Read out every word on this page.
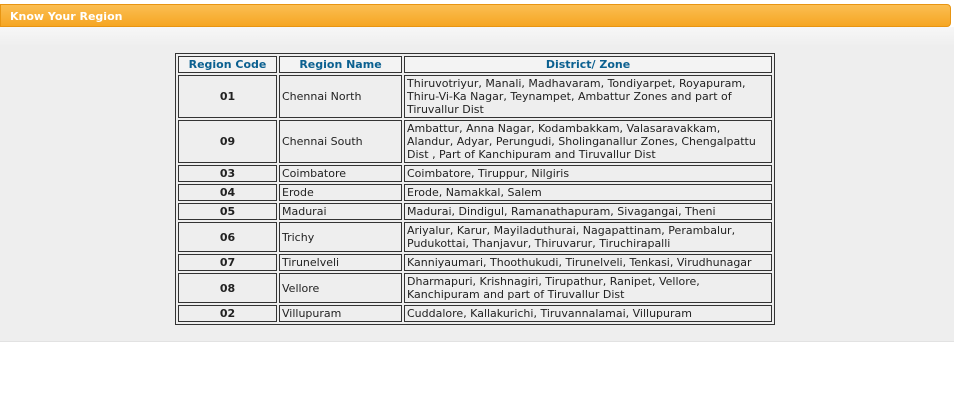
Know Your Region
Region Code	Region Name	District/ Zone
01	Chennai North	Thiruvotriyur, Manali, Madhavaram, Tondiyarpet, Royapuram, Thiru-Vi-Ka Nagar, Teynampet, Ambattur Zones and part of Tiruvallur Dist
09	Chennai South	Ambattur, Anna Nagar, Kodambakkam, Valasaravakkam, Alandur, Adyar, Perungudi, Sholinganallur Zones, Chengalpattu Dist , Part of Kanchipuram and Tiruvallur Dist
03	Coimbatore	Coimbatore, Tiruppur, Nilgiris
04	Erode	Erode, Namakkal, Salem
05	Madurai	Madurai, Dindigul, Ramanathapuram, Sivagangai, Theni
06	Trichy	Ariyalur, Karur, Mayiladuthurai, Nagapattinam, Perambalur, Pudukottai, Thanjavur, Thiruvarur, Tiruchirapalli
07	Tirunelveli	Kanniyaumari, Thoothukudi, Tirunelveli, Tenkasi, Virudhunagar
08	Vellore	Dharmapuri, Krishnagiri, Tirupathur, Ranipet, Vellore, Kanchipuram and part of Tiruvallur Dist
02	Villupuram	Cuddalore, Kallakurichi, Tiruvannalamai, Villupuram
